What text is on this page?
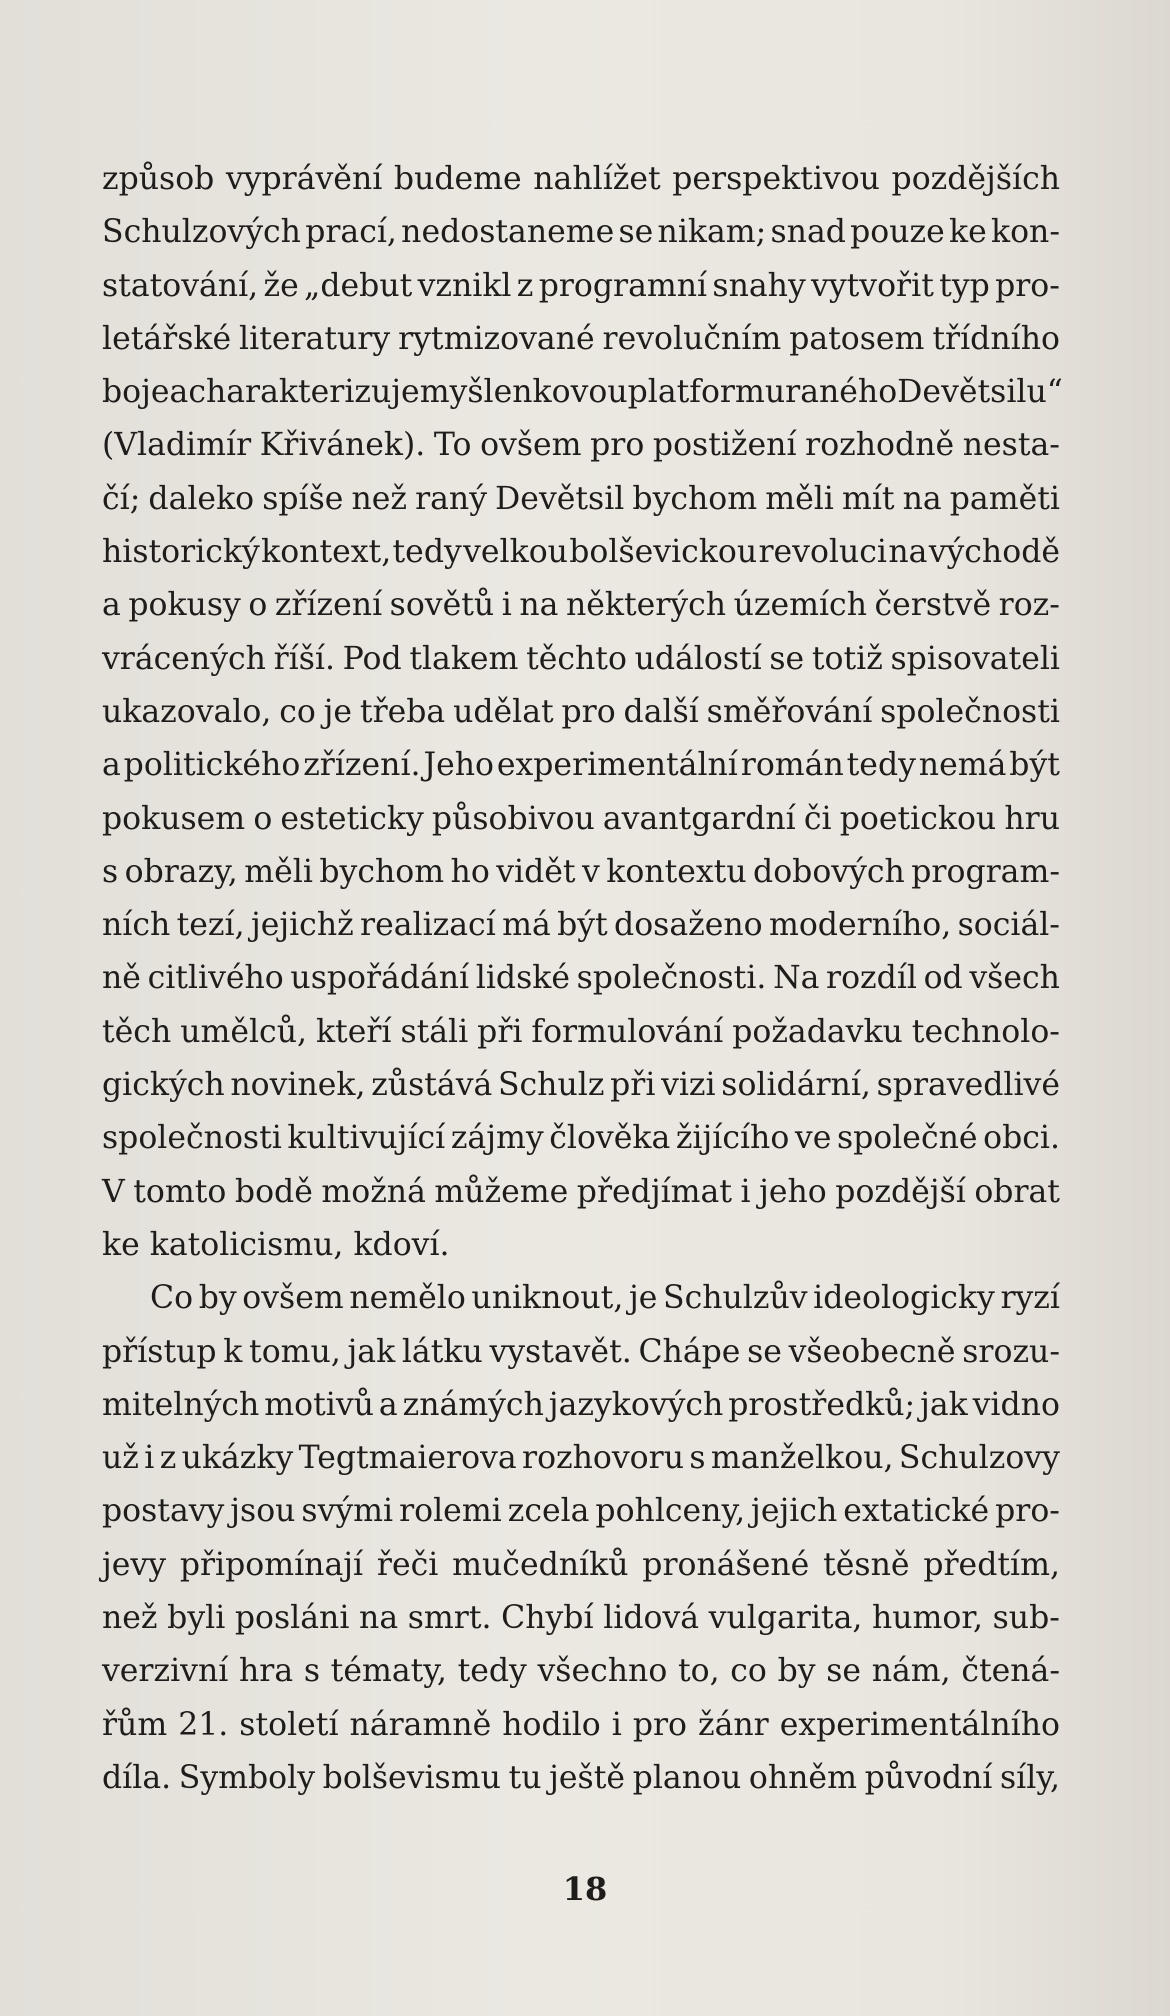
způsob vyprávění budeme nahlížet perspektivou pozdějších
Schulzových prací, nedostaneme se nikam; snad pouze ke kon-
statování, že „debut vznikl z programní snahy vytvořit typ pro-
letářské literatury rytmizované revolučním patosem třídního
boje a charakterizuje myšlenkovou platformu raného Devětsilu“
(Vladimír Křivánek). To ovšem pro postižení rozhodně nesta-
čí; daleko spíše než raný Devětsil bychom měli mít na paměti
historický kontext, tedy velkou bolševickou revoluci na východě
a pokusy o zřízení sovětů i na některých územích čerstvě roz-
vrácených říší. Pod tlakem těchto událostí se totiž spisovateli
ukazovalo, co je třeba udělat pro další směřování společnosti
a politického zřízení. Jeho experimentální román tedy nemá být
pokusem o esteticky působivou avantgardní či poetickou hru
s obrazy, měli bychom ho vidět v kontextu dobových program-
ních tezí, jejichž realizací má být dosaženo moderního, sociál-
ně citlivého uspořádání lidské společnosti. Na rozdíl od všech
těch umělců, kteří stáli při formulování požadavku technolo-
gických novinek, zůstává Schulz při vizi solidární, spravedlivé
společnosti kultivující zájmy člověka žijícího ve společné obci.
V tomto bodě možná můžeme předjímat i jeho pozdější obrat
ke katolicismu, kdoví.
Co by ovšem nemělo uniknout, je Schulzův ideologicky ryzí
přístup k tomu, jak látku vystavět. Chápe se všeobecně srozu-
mitelných motivů a známých jazykových prostředků; jak vidno
už i z ukázky Tegtmaierova rozhovoru s manželkou, Schulzovy
postavy jsou svými rolemi zcela pohlceny, jejich extatické pro-
jevy připomínají řeči mučedníků pronášené těsně předtím,
než byli posláni na smrt. Chybí lidová vulgarita, humor, sub-
verzivní hra s tématy, tedy všechno to, co by se nám, čtená-
řům 21. století náramně hodilo i pro žánr experimentálního
díla. Symboly bolševismu tu ještě planou ohněm původní síly,
18
